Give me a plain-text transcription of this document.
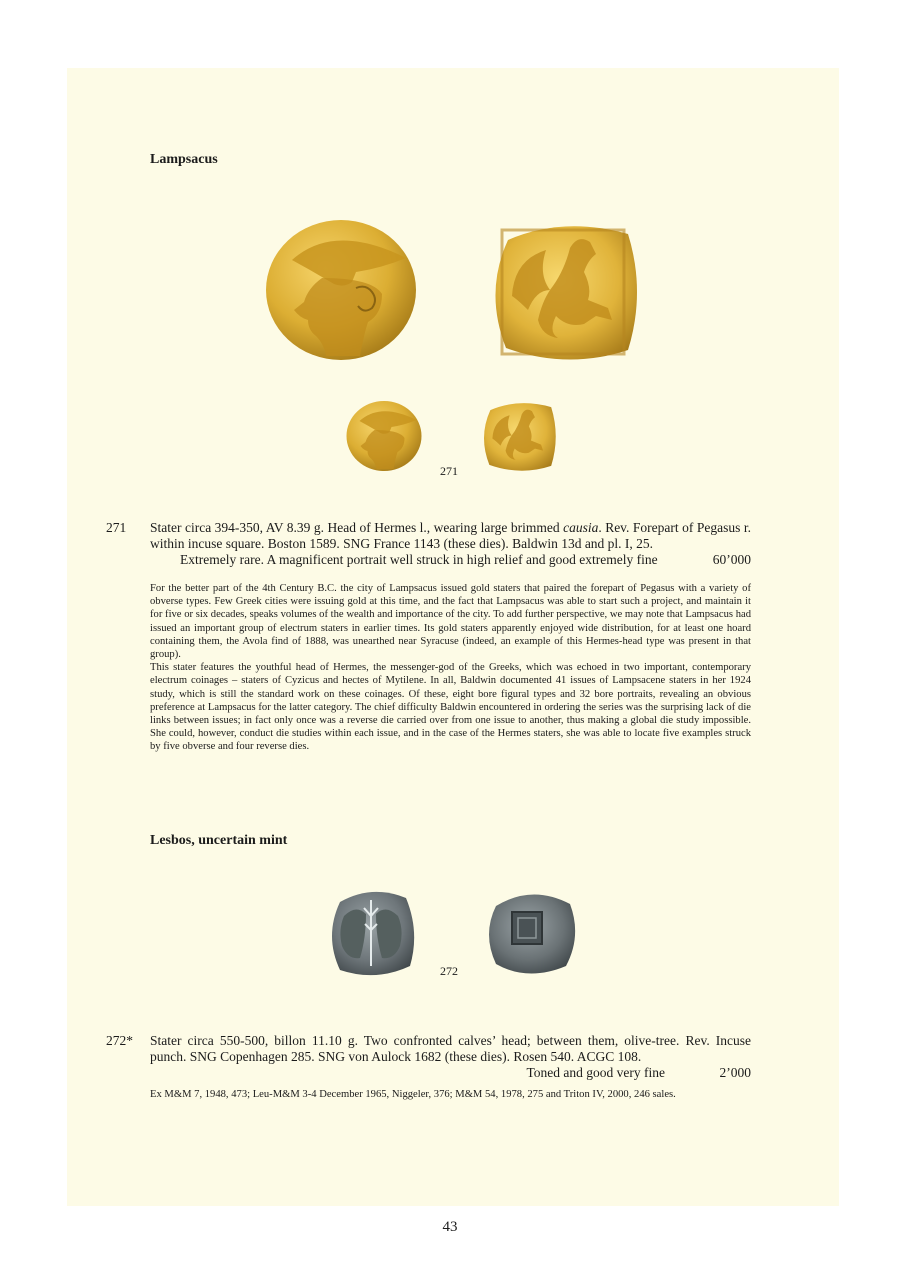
Lampsacus
271
271 Stater circa 394-350, AV 8.39 g. Head of Hermes l., wearing large brimmed causia. Rev. Forepart of Pegasus r. within incuse square. Boston 1589. SNG France 1143 (these dies). Baldwin 13d and pl. I, 25.

Extremely rare. A magnificent portrait well struck in high relief and good extremely fine	60’000

For the better part of the 4th Century B.C. the city of Lampsacus issued gold staters that paired the forepart of Pegasus with a variety of obverse types. Few Greek cities were issuing gold at this time, and the fact that Lampsacus was able to start such a project, and maintain it for five or six decades, speaks volumes of the wealth and importance of the city. To add further perspective, we may note that Lampsacus had issued an important group of electrum staters in earlier times. Its gold staters apparently enjoyed wide distribution, for at least one hoard containing them, the Avola find of 1888, was unearthed near Syracuse (indeed, an example of this Hermes-head type was present in that group).

This stater features the youthful head of Hermes, the messenger-god of the Greeks, which was echoed in two important, contemporary electrum coinages – staters of Cyzicus and hectes of Mytilene. In all, Baldwin documented 41 issues of Lampsacene staters in her 1924 study, which is still the standard work on these coinages. Of these, eight bore figural types and 32 bore portraits, revealing an obvious preference at Lampsacus for the latter category. The chief difficulty Baldwin encountered in ordering the series was the surprising lack of die links between issues; in fact only once was a reverse die carried over from one issue to another, thus making a global die study impossible. She could, however, conduct die studies within each issue, and in the case of the Hermes staters, she was able to locate five examples struck by five obverse and four reverse dies.

Lesbos, uncertain mint
272
272* Stater circa 550-500, billon 11.10 g. Two confronted calves’ head; between them, olive-tree. Rev. Incuse punch. SNG Copenhagen 285. SNG von Aulock 1682 (these dies). Rosen 540. ACGC 108.

Toned and good very fine	2’000

Ex M&M 7, 1948, 473; Leu-M&M 3-4 December 1965, Niggeler, 376; M&M 54, 1978, 275 and Triton IV, 2000, 246 sales.

43
